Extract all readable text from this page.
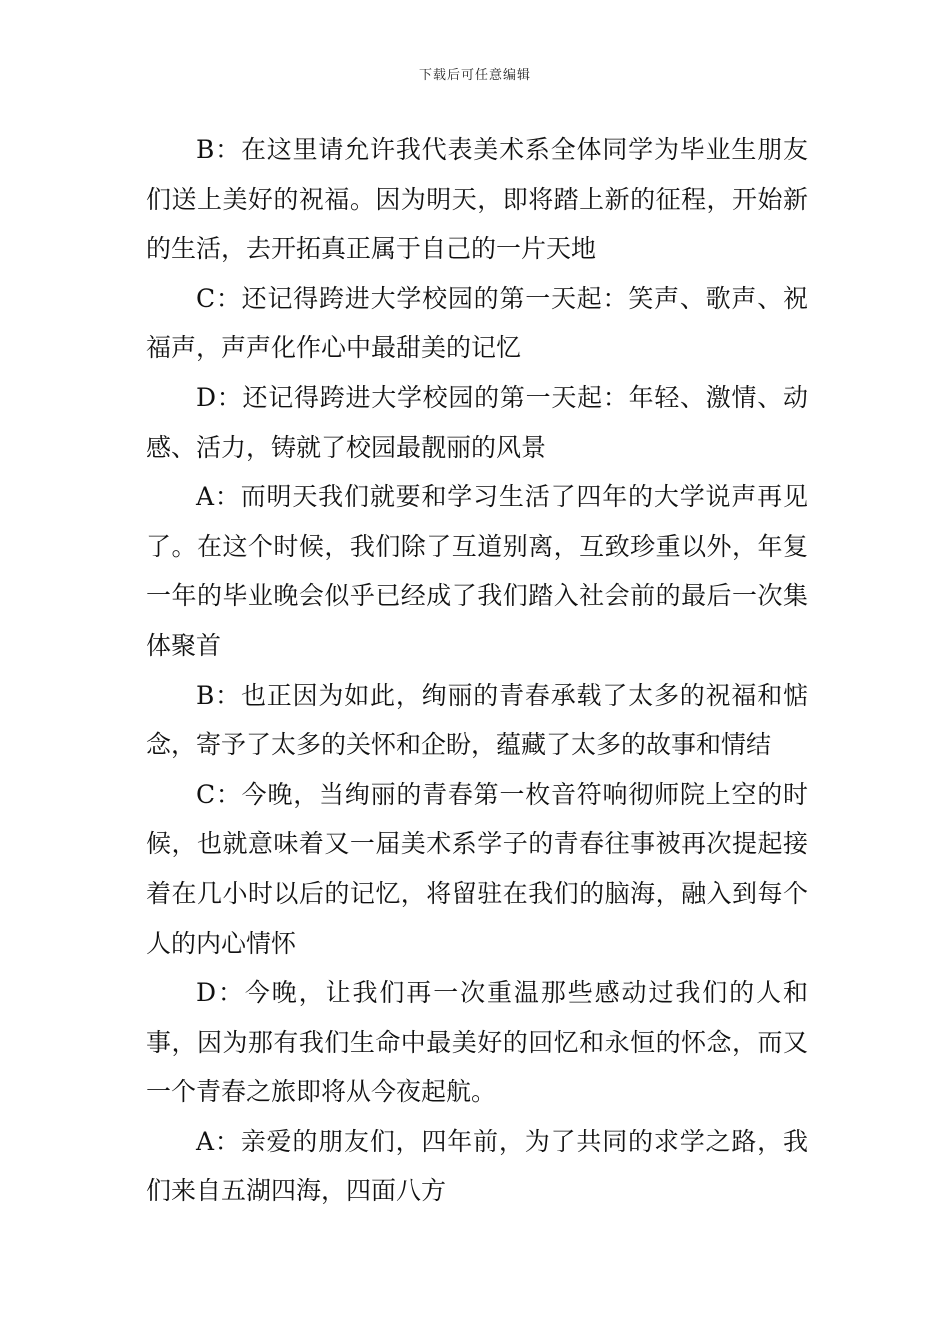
下载后可任意编辑

B：在这里请允许我代表美术系全体同学为毕业生朋友们送上美好的祝福。因为明天，即将踏上新的征程，开始新的生活，去开拓真正属于自己的一片天地

C：还记得跨进大学校园的第一天起：笑声、歌声、祝福声，声声化作心中最甜美的记忆

D：还记得跨进大学校园的第一天起：年轻、激情、动感、活力，铸就了校园最靓丽的风景

A：而明天我们就要和学习生活了四年的大学说声再见了。在这个时候，我们除了互道别离，互致珍重以外，年复一年的毕业晚会似乎已经成了我们踏入社会前的最后一次集体聚首

B：也正因为如此，绚丽的青春承载了太多的祝福和惦念，寄予了太多的关怀和企盼，蕴藏了太多的故事和情结

C：今晚，当绚丽的青春第一枚音符响彻师院上空的时候，也就意味着又一届美术系学子的青春往事被再次提起接着在几小时以后的记忆，将留驻在我们的脑海，融入到每个人的内心情怀

D：今晚，让我们再一次重温那些感动过我们的人和事，因为那有我们生命中最美好的回忆和永恒的怀念，而又一个青春之旅即将从今夜起航。

A：亲爱的朋友们，四年前，为了共同的求学之路，我们来自五湖四海，四面八方
